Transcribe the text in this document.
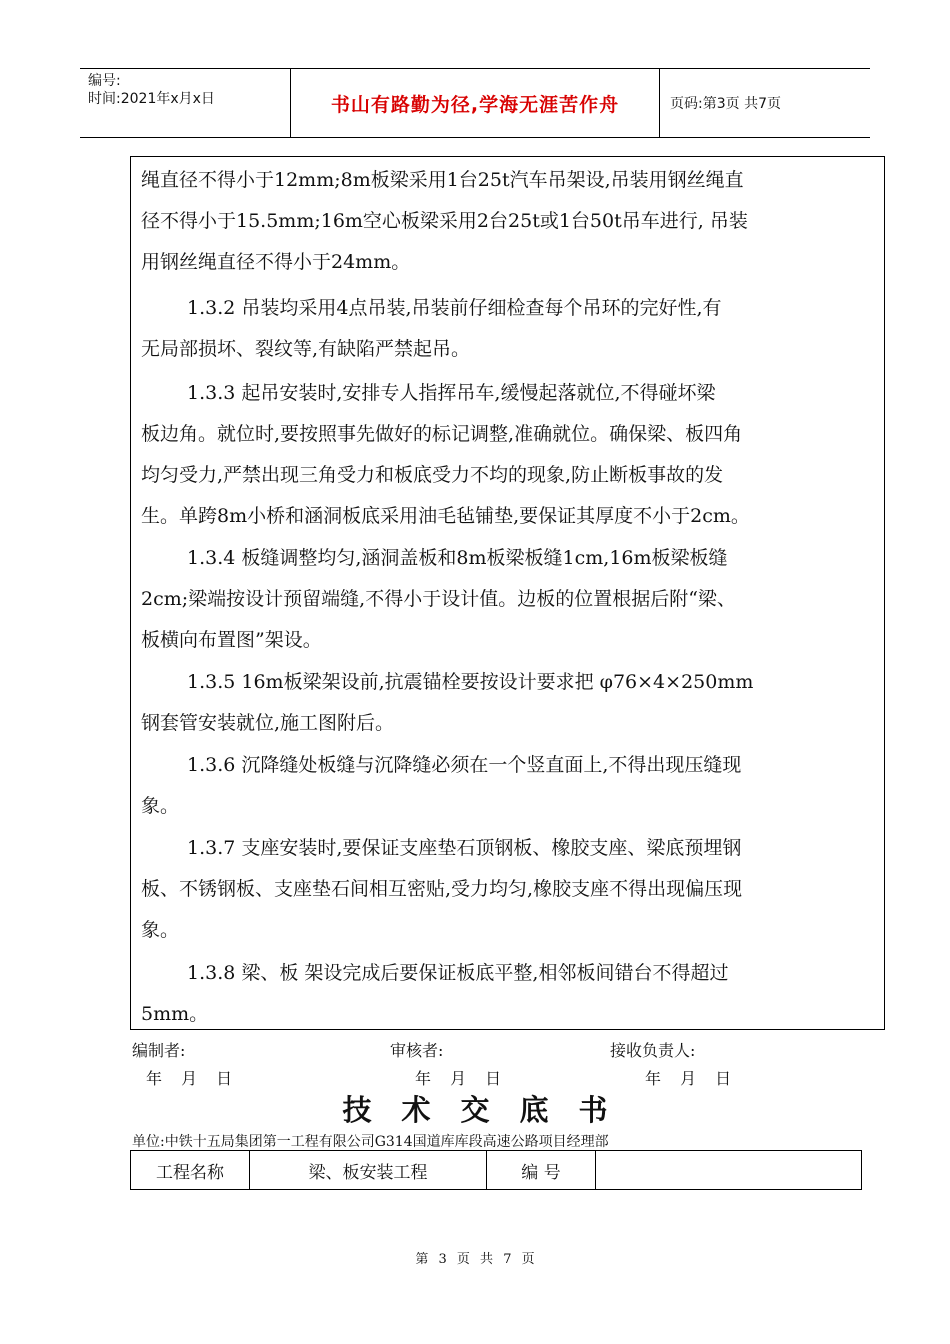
编号:
时间:2021年x月x日	书山有路勤为径,学海无涯苦作舟	页码:第3页 共7页

绳直径不得小于12mm;8m板梁采用1台25t汽车吊架设,吊装用钢丝绳直
径不得小于15.5mm;16m空心板梁采用2台25t或1台50t吊车进行, 吊装
用钢丝绳直径不得小于24mm。

1.3.2 吊装均采用4点吊装,吊装前仔细检查每个吊环的完好性,有
无局部损坏、裂纹等,有缺陷严禁起吊。

1.3.3 起吊安装时,安排专人指挥吊车,缓慢起落就位,不得碰坏梁
板边角。就位时,要按照事先做好的标记调整,准确就位。确保梁、板四角
均匀受力,严禁出现三角受力和板底受力不均的现象,防止断板事故的发
生。单跨8m小桥和涵洞板底采用油毛毡铺垫,要保证其厚度不小于2cm。

1.3.4 板缝调整均匀,涵洞盖板和8m板梁板缝1cm,16m板梁板缝
2cm;梁端按设计预留端缝,不得小于设计值。边板的位置根据后附“梁、
板横向布置图”架设。

1.3.5 16m板梁架设前,抗震锚栓要按设计要求把 φ76×4×250mm
钢套管安装就位,施工图附后。

1.3.6 沉降缝处板缝与沉降缝必须在一个竖直面上,不得出现压缝现
象。

1.3.7 支座安装时,要保证支座垫石顶钢板、橡胶支座、梁底预埋钢
板、不锈钢板、支座垫石间相互密贴,受力均匀,橡胶支座不得出现偏压现
象。

1.3.8 梁、板 架设完成后要保证板底平整,相邻板间错台不得超过
5mm。

编制者:	审核者:	接收负责人:
年 月 日	年 月 日	年 月 日
技术交底书
单位:中铁十五局集团第一工程有限公司G314国道库库段高速公路项目经理部
工程名称	梁、板安装工程	编 号
第 3 页 共 7 页
